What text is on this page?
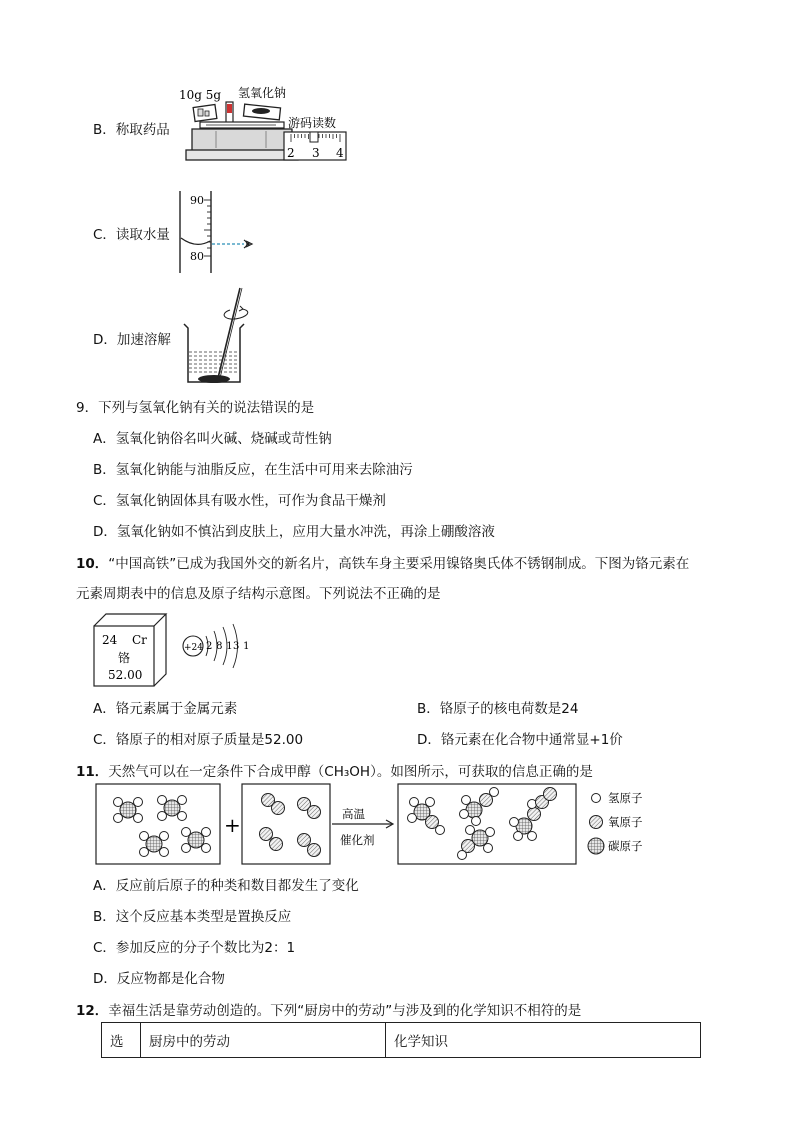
B．称取药品
10g 5g 氢氧化钠
游码读数
2 3 4
C．读取水量
90
80
D．加速溶解
9．下列与氢氧化钠有关的说法错误的是
A．氢氧化钠俗名叫火碱、烧碱或苛性钠
B．氢氧化钠能与油脂反应，在生活中可用来去除油污
C．氢氧化钠固体具有吸水性，可作为食品干燥剂
D．氢氧化钠如不慎沾到皮肤上，应用大量水冲洗，再涂上硼酸溶液
10．“中国高铁”已成为我国外交的新名片，高铁车身主要采用镍铬奥氏体不锈钢制成。下图为铬元素在
元素周期表中的信息及原子结构示意图。下列说法不正确的是
24 Cr
铬
52.00
+24 2 8 13 1
A．铬元素属于金属元素	B．铬原子的核电荷数是24
C．铬原子的相对原子质量是52.00	D．铬元素在化合物中通常显+1价
11．天然气可以在一定条件下合成甲醇（CH₃OH）。如图所示，可获取的信息正确的是
+	高温
催化剂
氢原子
氧原子
碳原子
A．反应前后原子的种类和数目都发生了变化
B．这个反应基本类型是置换反应
C．参加反应的分子个数比为2：1
D．反应物都是化合物
12．幸福生活是靠劳动创造的。下列“厨房中的劳动”与涉及到的化学知识不相符的是
选	厨房中的劳动	化学知识
